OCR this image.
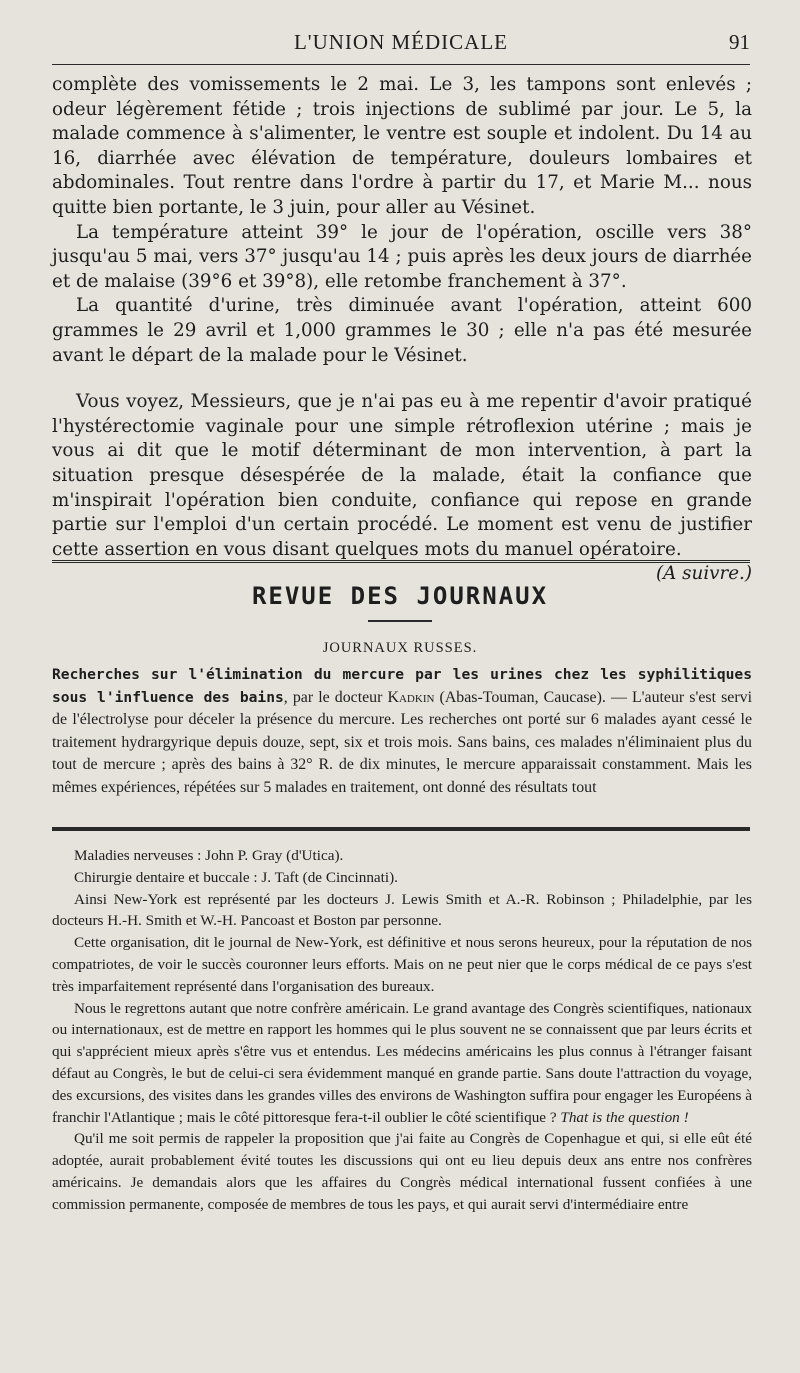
L'UNION MÉDICALE	91

complète des vomissements le 2 mai. Le 3, les tampons sont enlevés ; odeur légèrement fétide ; trois injections de sublimé par jour. Le 5, la malade commence à s'alimenter, le ventre est souple et indolent. Du 14 au 16, diarrhée avec élévation de température, douleurs lombaires et abdominales. Tout rentre dans l'ordre à partir du 17, et Marie M... nous quitte bien portante, le 3 juin, pour aller au Vésinet.

La température atteint 39° le jour de l'opération, oscille vers 38° jusqu'au 5 mai, vers 37° jusqu'au 14 ; puis après les deux jours de diarrhée et de malaise (39°6 et 39°8), elle retombe franchement à 37°.

La quantité d'urine, très diminuée avant l'opération, atteint 600 grammes le 29 avril et 1,000 grammes le 30 ; elle n'a pas été mesurée avant le départ de la malade pour le Vésinet.

Vous voyez, Messieurs, que je n'ai pas eu à me repentir d'avoir pratiqué l'hystérectomie vaginale pour une simple rétroflexion utérine ; mais je vous ai dit que le motif déterminant de mon intervention, à part la situation presque désespérée de la malade, était la confiance que m'inspirait l'opération bien conduite, confiance qui repose en grande partie sur l'emploi d'un certain procédé. Le moment est venu de justifier cette assertion en vous disant quelques mots du manuel opératoire.
(A suivre.)

REVUE DES JOURNAUX
JOURNAUX RUSSES.

Recherches sur l'élimination du mercure par les urines chez les syphilitiques sous l'influence des bains, par le docteur Kadkin (Abas-Touman, Caucase). — L'auteur s'est servi de l'électrolyse pour déceler la présence du mercure. Les recherches ont porté sur 6 malades ayant cessé le traitement hydrargyrique depuis douze, sept, six et trois mois. Sans bains, ces malades n'éliminaient plus du tout de mercure ; après des bains à 32° R. de dix minutes, le mercure apparaissait constamment. Mais les mêmes expériences, répétées sur 5 malades en traitement, ont donné des résultats tout

Maladies nerveuses : John P. Gray (d'Utica).

Chirurgie dentaire et buccale : J. Taft (de Cincinnati).

Ainsi New-York est représenté par les docteurs J. Lewis Smith et A.-R. Robinson ; Philadelphie, par les docteurs H.-H. Smith et W.-H. Pancoast et Boston par personne.

Cette organisation, dit le journal de New-York, est définitive et nous serons heureux, pour la réputation de nos compatriotes, de voir le succès couronner leurs efforts. Mais on ne peut nier que le corps médical de ce pays s'est très imparfaitement représenté dans l'organisation des bureaux.

Nous le regrettons autant que notre confrère américain. Le grand avantage des Congrès scientifiques, nationaux ou internationaux, est de mettre en rapport les hommes qui le plus souvent ne se connaissent que par leurs écrits et qui s'apprécient mieux après s'être vus et entendus. Les médecins américains les plus connus à l'étranger faisant défaut au Congrès, le but de celui-ci sera évidemment manqué en grande partie. Sans doute l'attraction du voyage, des excursions, des visites dans les grandes villes des environs de Washington suffira pour engager les Européens à franchir l'Atlantique ; mais le côté pittoresque fera-t-il oublier le côté scientifique ? That is the question !

Qu'il me soit permis de rappeler la proposition que j'ai faite au Congrès de Copenhague et qui, si elle eût été adoptée, aurait probablement évité toutes les discussions qui ont eu lieu depuis deux ans entre nos confrères américains. Je demandais alors que les affaires du Congrès médical international fussent confiées à une commission permanente, composée de membres de tous les pays, et qui aurait servi d'intermédiaire entre
